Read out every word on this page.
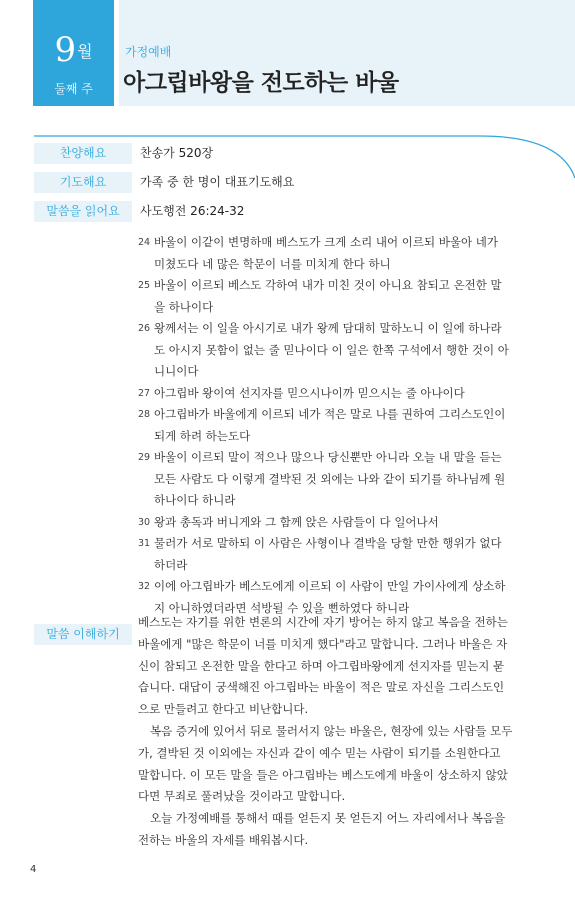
9월
둘째 주
가정예배
아그립바왕을 전도하는 바울
찬양해요	찬송가 520장
기도해요	가족 중 한 명이 대표기도해요
말씀을 읽어요	사도행전 26:24-32
24 바울이 이같이 변명하매 베스도가 크게 소리 내어 이르되 바울아 네가 미쳤도다 네 많은 학문이 너를 미치게 한다 하니
25 바울이 이르되 베스도 각하여 내가 미친 것이 아니요 참되고 온전한 말을 하나이다
26 왕께서는 이 일을 아시기로 내가 왕께 담대히 말하노니 이 일에 하나라도 아시지 못함이 없는 줄 믿나이다 이 일은 한쪽 구석에서 행한 것이 아니니이다
27 아그립바 왕이여 선지자를 믿으시나이까 믿으시는 줄 아나이다
28 아그립바가 바울에게 이르되 네가 적은 말로 나를 권하여 그리스도인이 되게 하려 하는도다
29 바울이 이르되 말이 적으나 많으나 당신뿐만 아니라 오늘 내 말을 듣는 모든 사람도 다 이렇게 결박된 것 외에는 나와 같이 되기를 하나님께 원하나이다 하니라
30 왕과 총독과 버니게와 그 함께 앉은 사람들이 다 일어나서
31 물러가 서로 말하되 이 사람은 사형이나 결박을 당할 만한 행위가 없다 하더라
32 이에 아그립바가 베스도에게 이르되 이 사람이 만일 가이사에게 상소하지 아니하였더라면 석방될 수 있을 뻔하였다 하니라
말씀 이해하기

베스도는 자기를 위한 변론의 시간에 자기 방어는 하지 않고 복음을 전하는 바울에게 "많은 학문이 너를 미치게 했다"라고 말합니다. 그러나 바울은 자신이 참되고 온전한 말을 한다고 하며 아그립바왕에게 선지자를 믿는지 묻습니다. 대답이 궁색해진 아그립바는 바울이 적은 말로 자신을 그리스도인으로 만들려고 한다고 비난합니다.

복음 증거에 있어서 뒤로 물러서지 않는 바울은, 현장에 있는 사람들 모두가, 결박된 것 이외에는 자신과 같이 예수 믿는 사람이 되기를 소원한다고 말합니다. 이 모든 말을 들은 아그립바는 베스도에게 바울이 상소하지 않았다면 무죄로 풀려났을 것이라고 말합니다.

오늘 가정예배를 통해서 때를 얻든지 못 얻든지 어느 자리에서나 복음을 전하는 바울의 자세를 배워봅시다.

4
